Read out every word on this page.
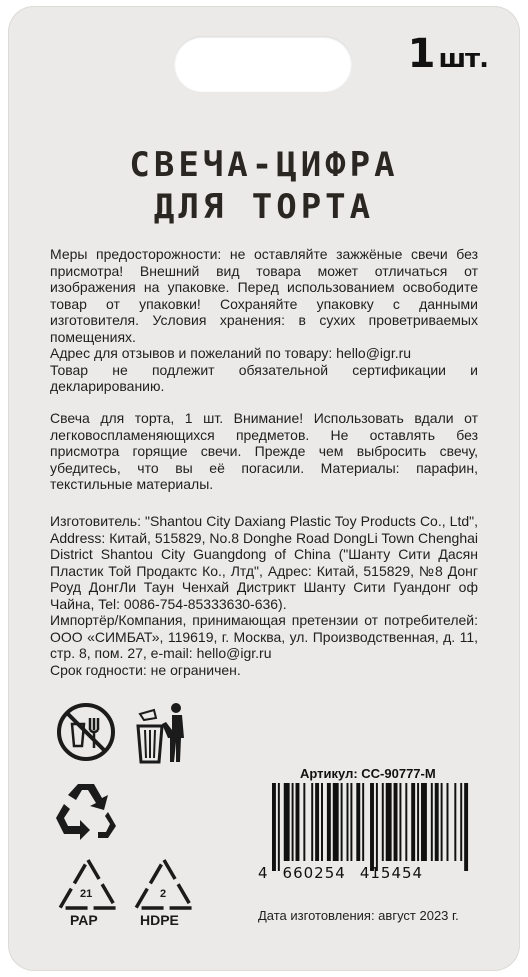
1 шт.
СВЕЧА-ЦИФРА
ДЛЯ ТОРТА

Меры предосторожности: не оставляйте зажжёные свечи без присмотра! Внешний вид товара может отличаться от изображения на упаковке. Перед использованием освободите товар от упаковки! Сохраняйте упаковку с данными изготовителя. Условия хранения: в сухих проветриваемых помещениях.

Адрес для отзывов и пожеланий по товару: hello@igr.ru

Товар не подлежит обязательной сертификации и декларированию.

Свеча для торта, 1 шт. Внимание! Использовать вдали от легковоспламеняющихся предметов. Не оставлять без присмотра горящие свечи. Прежде чем выбросить свечу, убедитесь, что вы её погасили. Материалы: парафин, текстильные материалы.

Изготовитель: "Shantou City Daxiang Plastic Toy Products Co., Ltd", Address: Китай, 515829, No.8 Donghe Road DongLi Town Chenghai District Shantou City Guangdong of China ("Шанту Сити Дасян Пластик Той Продактс Ко., Лтд", Адрес: Китай, 515829, №8 Донг Роуд ДонгЛи Таун Ченхай Дистрикт Шанту Сити Гуандонг оф Чайна, Tel: 0086-754-85333630-636).

Импортёр/Компания, принимающая претензии от потребителей: ООО «СИМБАТ», 119619, г. Москва, ул. Производственная, д. 11, стр. 8, пом. 27, e-mail: hello@igr.ru

Срок годности: не ограничен.

21
PAP
2
HDPE
Артикул: CC-90777-M
4 660254 415454
Дата изготовления: август 2023 г.
